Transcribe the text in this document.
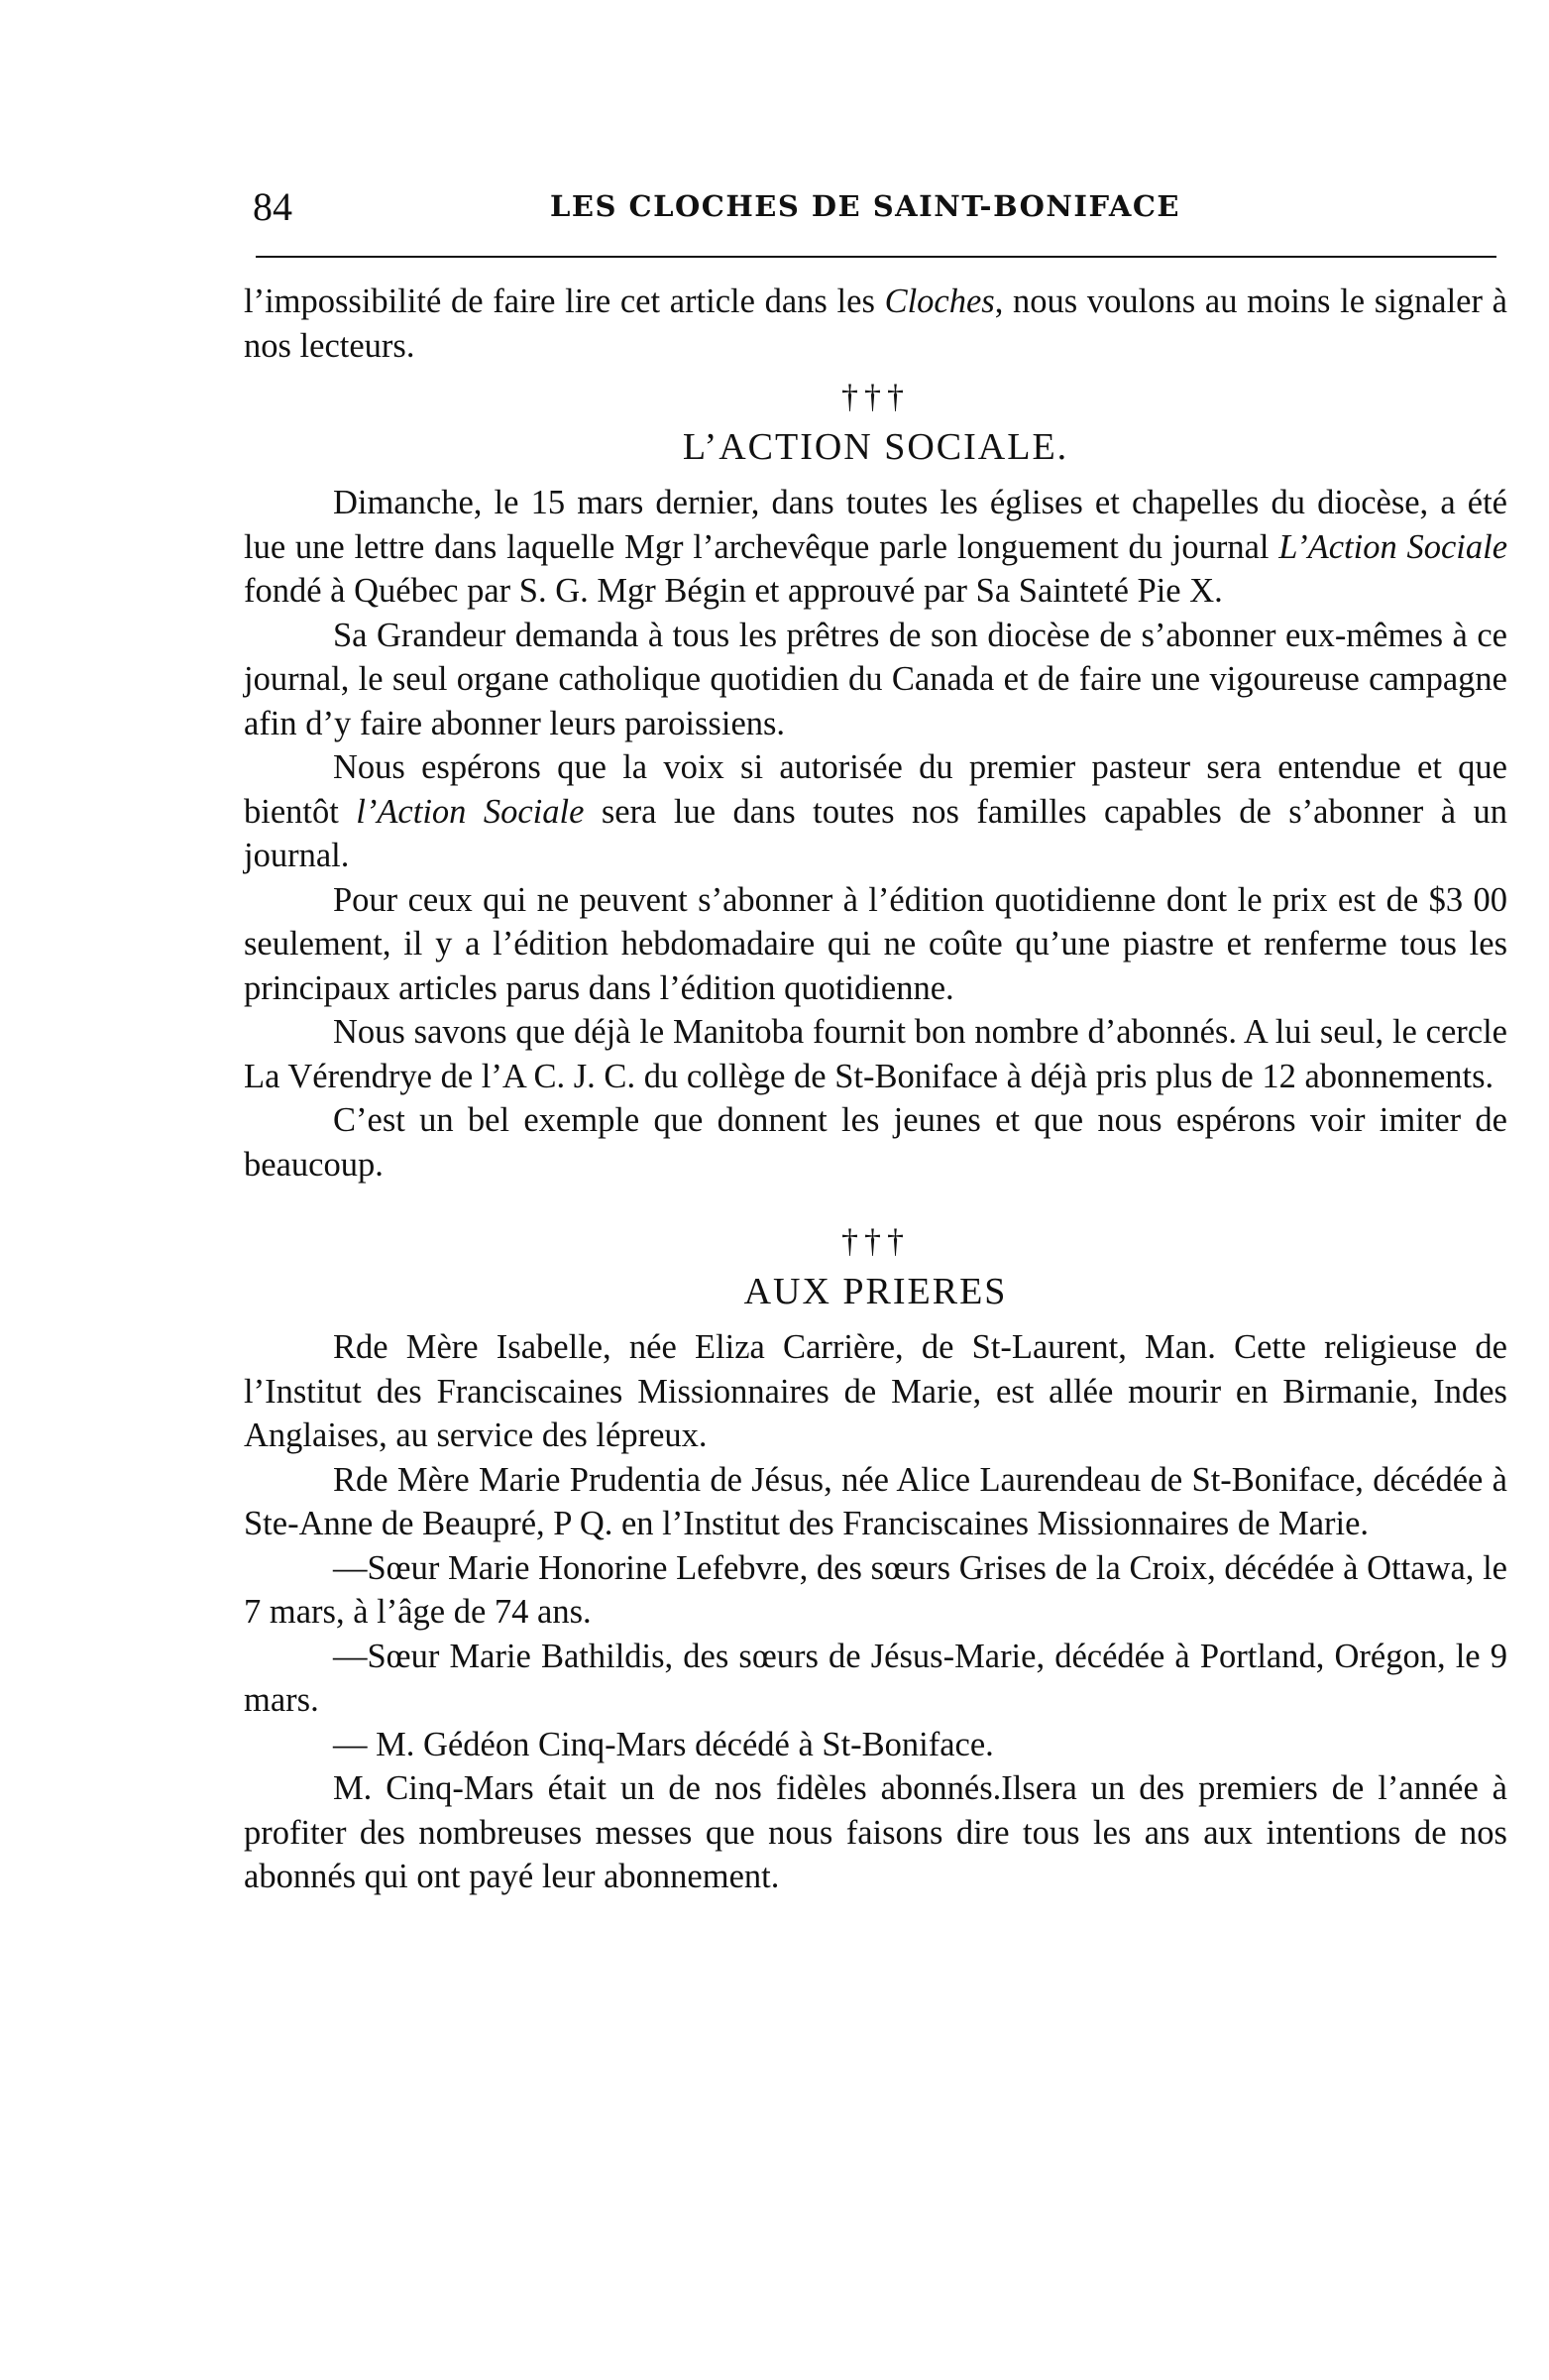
84	LES CLOCHES DE SAINT-BONIFACE

l’impossibilité de faire lire cet article dans les Cloches, nous voulons au moins le signaler à nos lecteurs.

†††
L’ACTION SOCIALE.

Dimanche, le 15 mars dernier, dans toutes les églises et chapelles du diocèse, a été lue une lettre dans laquelle Mgr l’archevêque parle longuement du journal L’Action Sociale fondé à Québec par S. G. Mgr Bégin et approuvé par Sa Sainteté Pie X.

Sa Grandeur demanda à tous les prêtres de son diocèse de s’abonner eux-mêmes à ce journal, le seul organe catholique quotidien du Canada et de faire une vigoureuse campagne afin d’y faire abonner leurs paroissiens.

Nous espérons que la voix si autorisée du premier pasteur sera entendue et que bientôt l’Action Sociale sera lue dans toutes nos familles capables de s’abonner à un journal.

Pour ceux qui ne peuvent s’abonner à l’édition quotidienne dont le prix est de $3 00 seulement, il y a l’édition hebdomadaire qui ne coûte qu’une piastre et renferme tous les principaux articles parus dans l’édition quotidienne.

Nous savons que déjà le Manitoba fournit bon nombre d’abonnés. A lui seul, le cercle La Vérendrye de l’A C. J. C. du collège de St-Boniface à déjà pris plus de 12 abonnements.

C’est un bel exemple que donnent les jeunes et que nous espérons voir imiter de beaucoup.

†††
AUX PRIERES

Rde Mère Isabelle, née Eliza Carrière, de St-Laurent, Man. Cette religieuse de l’Institut des Franciscaines Missionnaires de Marie, est allée mourir en Birmanie, Indes Anglaises, au service des lépreux.

Rde Mère Marie Prudentia de Jésus, née Alice Laurendeau de St-Boniface, décédée à Ste-Anne de Beaupré, P Q. en l’Institut des Franciscaines Missionnaires de Marie.

—Sœur Marie Honorine Lefebvre, des sœurs Grises de la Croix, décédée à Ottawa, le 7 mars, à l’âge de 74 ans.

—Sœur Marie Bathildis, des sœurs de Jésus-Marie, décédée à Portland, Orégon, le 9 mars.

— M. Gédéon Cinq-Mars décédé à St-Boniface.

M. Cinq-Mars était un de nos fidèles abonnés.Ilsera un des premiers de l’année à profiter des nombreuses messes que nous faisons dire tous les ans aux intentions de nos abonnés qui ont payé leur abonnement.
